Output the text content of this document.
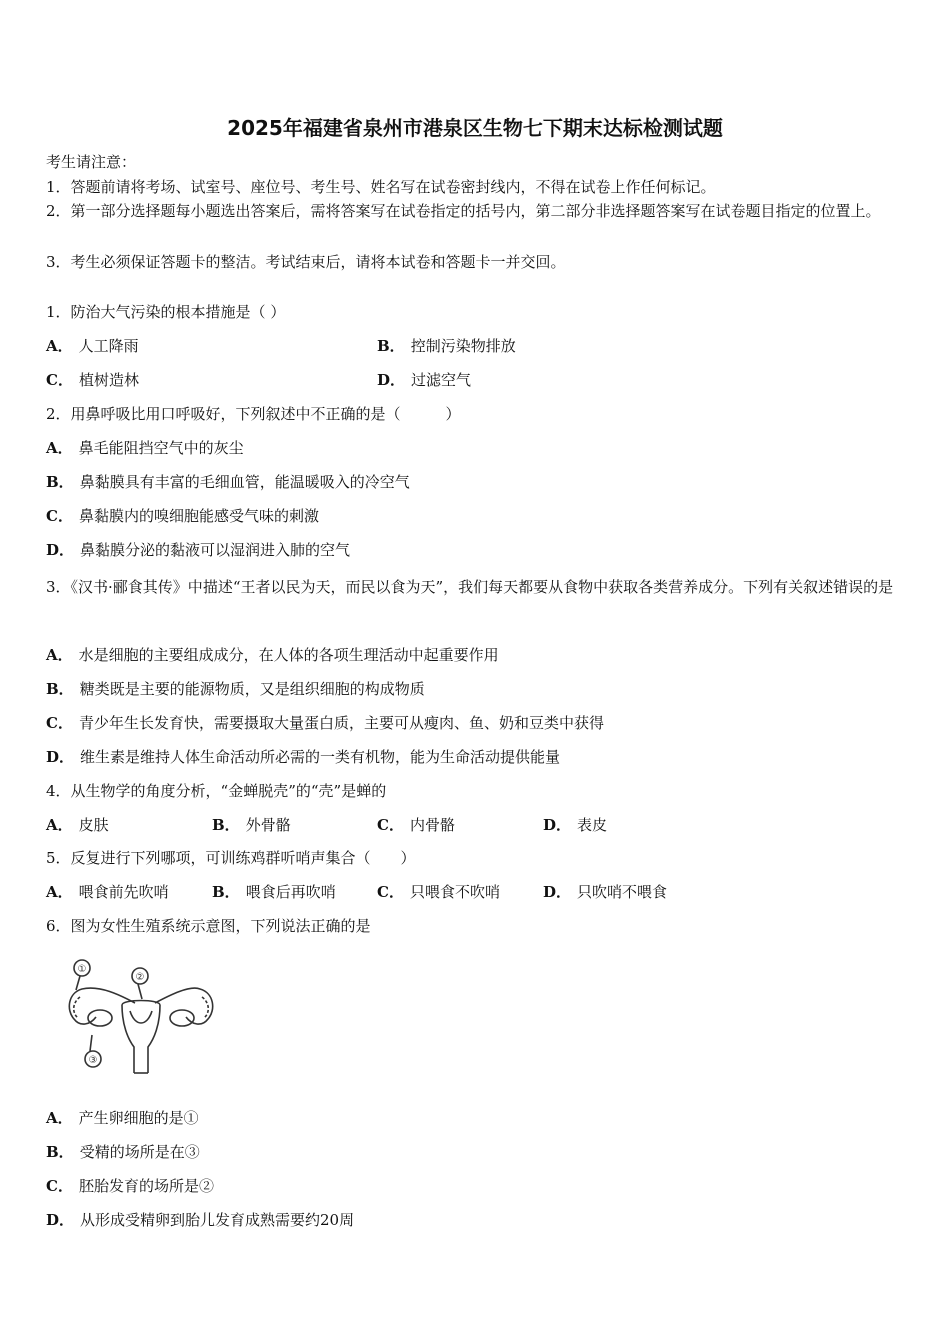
2025年福建省泉州市港泉区生物七下期末达标检测试题
考生请注意：
1．答题前请将考场、试室号、座位号、考生号、姓名写在试卷密封线内，不得在试卷上作任何标记。
2．第一部分选择题每小题选出答案后，需将答案写在试卷指定的括号内，第二部分非选择题答案写在试卷题目指定的位置上。
3．考生必须保证答题卡的整洁。考试结束后，请将本试卷和答题卡一并交回。
1．防治大气污染的根本措施是（ ）
A． 人工降雨	B． 控制污染物排放
C． 植树造林	D． 过滤空气
2．用鼻呼吸比用口呼吸好，下列叙述中不正确的是（　　　）
A． 鼻毛能阻挡空气中的灰尘
B． 鼻黏膜具有丰富的毛细血管，能温暖吸入的冷空气
C． 鼻黏膜内的嗅细胞能感受气味的刺激
D． 鼻黏膜分泌的黏液可以湿润进入肺的空气
3．《汉书·郦食其传》中描述“王者以民为天，而民以食为天”，我们每天都要从食物中获取各类营养成分。下列有关叙述错误的是
A． 水是细胞的主要组成成分，在人体的各项生理活动中起重要作用
B． 糖类既是主要的能源物质，又是组织细胞的构成物质
C． 青少年生长发育快，需要摄取大量蛋白质，主要可从瘦肉、鱼、奶和豆类中获得
D． 维生素是维持人体生命活动所必需的一类有机物，能为生命活动提供能量
4．从生物学的角度分析，“金蝉脱壳”的“壳”是蝉的
A． 皮肤	B． 外骨骼	C． 内骨骼	D． 表皮
5．反复进行下列哪项，可训练鸡群听哨声集合（　　）
A． 喂食前先吹哨	B． 喂食后再吹哨	C． 只喂食不吹哨	D． 只吹哨不喂食
6．图为女性生殖系统示意图，下列说法正确的是
①
②
③
A． 产生卵细胞的是①
B． 受精的场所是在③
C． 胚胎发育的场所是②
D． 从形成受精卵到胎儿发育成熟需要约20周
